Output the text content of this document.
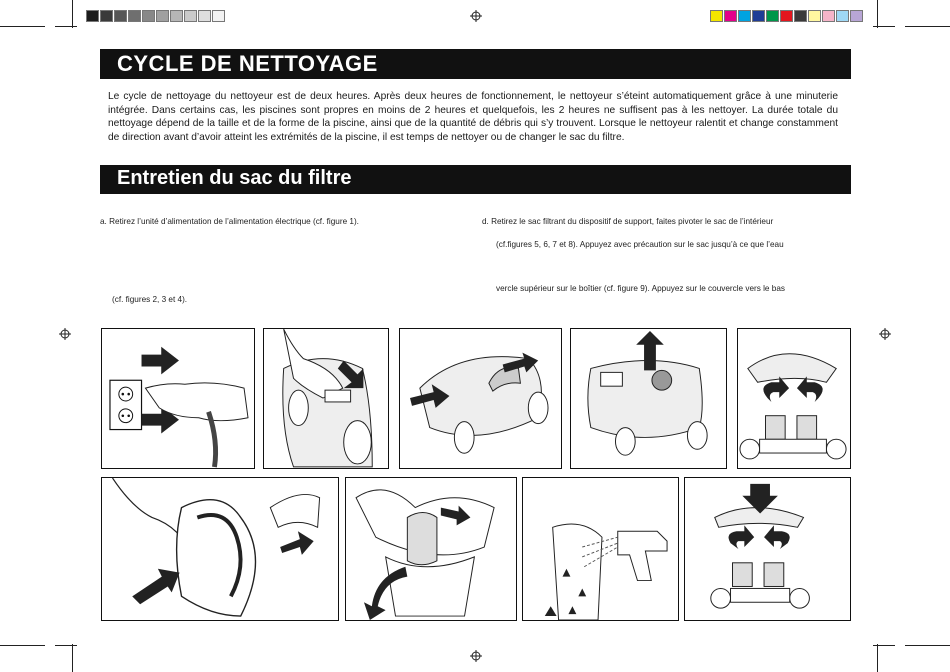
CYCLE DE NETTOYAGE
Le cycle de nettoyage du nettoyeur est de deux heures. Après deux heures de fonctionnement, le nettoyeur s’éteint automatiquement grâce à une minuterie intégrée. Dans certains cas, les piscines sont propres en moins de 2 heures et quelquefois, les 2 heures ne suffisent pas à les nettoyer. La durée totale du nettoyage dépend de la taille et de la forme de la piscine, ainsi que de la quantité de débris qui s’y trouvent. Lorsque le nettoyeur ralentit et change constamment de direction avant d’avoir atteint les extrémités de la piscine, il est temps de nettoyer ou de changer le sac du filtre.
Entretien du sac du filtre
a. Retirez l’unité d’alimentation de l’alimentation électrique (cf. figure 1).
(cf. figures 2, 3 et 4).
d. Retirez le sac filtrant du dispositif de support, faites pivoter le sac de l’intérieur
(cf.figures 5, 6, 7 et 8). Appuyez avec précaution sur le sac jusqu’à ce que l’eau
vercle supérieur sur le boîtier (cf. figure 9). Appuyez sur le couvercle vers le bas
